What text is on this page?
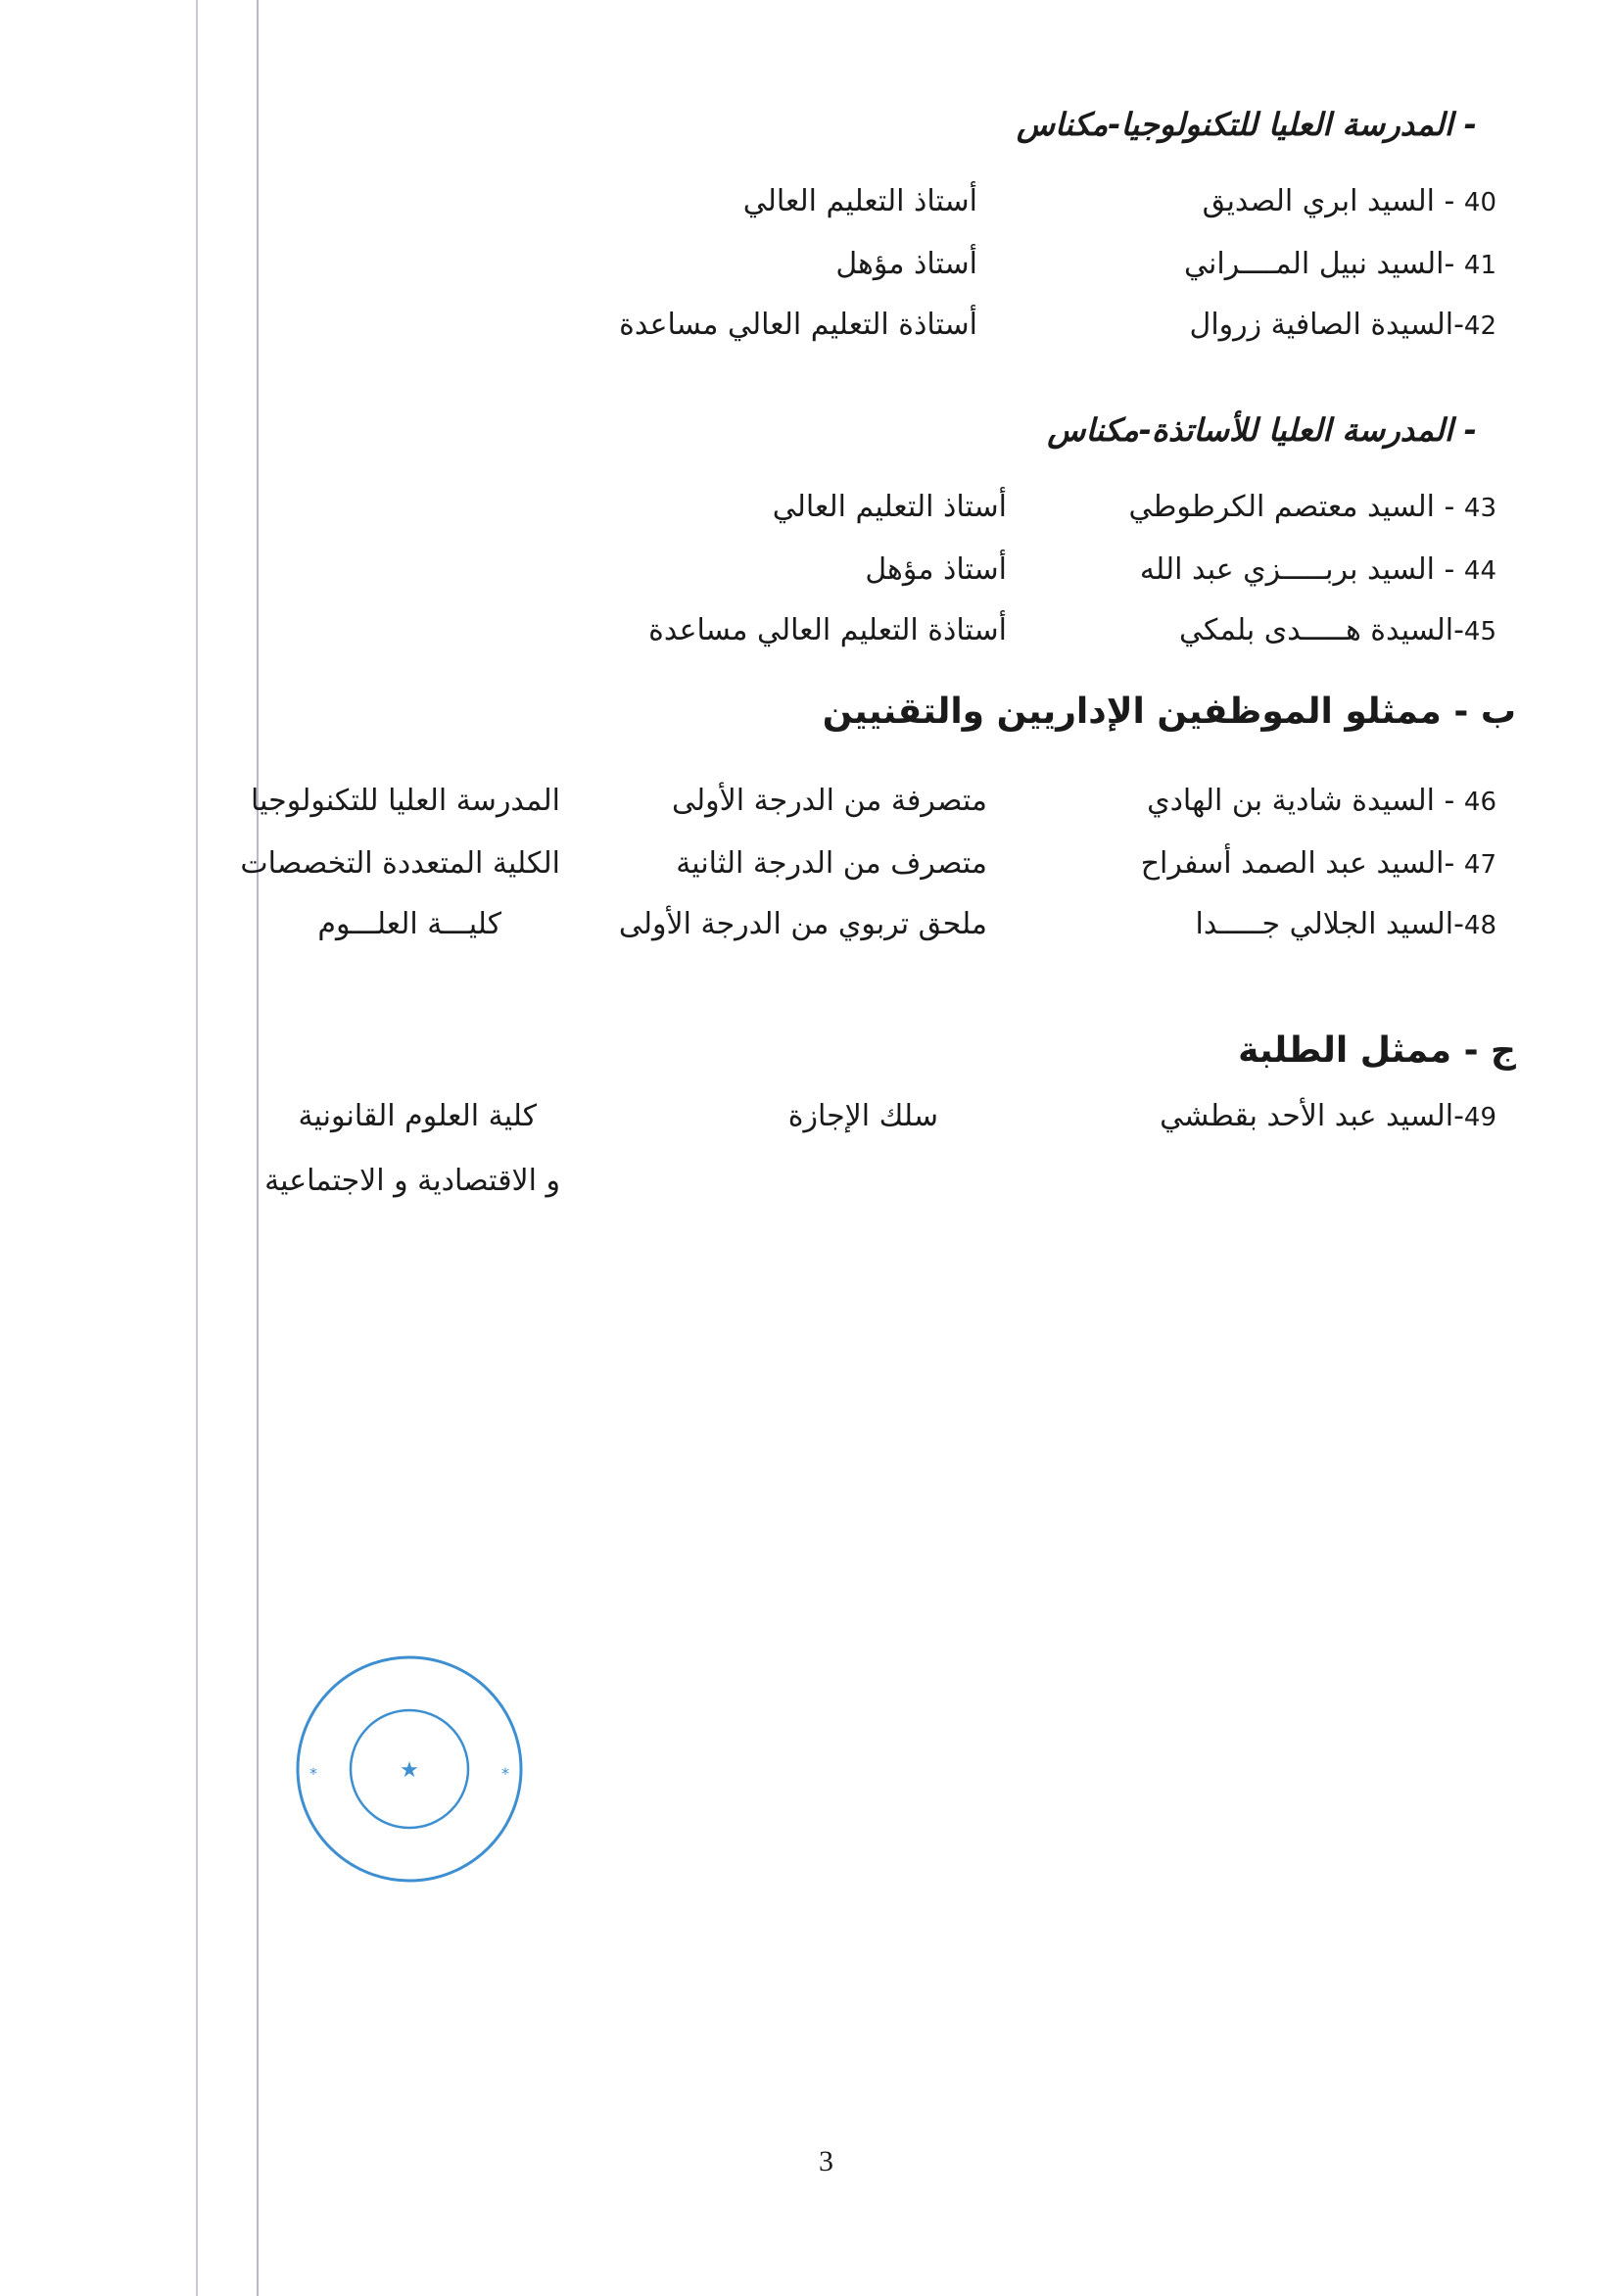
- المدرسة العليا للتكنولوجيا-مكناس
40 - السيد ابري الصديق
أستاذ التعليم العالي
41 -السيد نبيل المــــراني
أستاذ مؤهل
42-السيدة الصافية زروال
أستاذة التعليم العالي مساعدة
- المدرسة العليا للأساتذة-مكناس
43 - السيد معتصم الكرطوطي
أستاذ التعليم العالي
44 - السيد بربـــــزي عبد الله
أستاذ مؤهل
45-السيدة هـــــدى بلمكي
أستاذة التعليم العالي مساعدة
ب - ممثلو الموظفين الإداريين والتقنيين
46 - السيدة شادية بن الهادي
متصرفة من الدرجة الأولى
المدرسة العليا للتكنولوجيا
47 -السيد عبد الصمد أسفراح
متصرف من الدرجة الثانية
الكلية المتعددة التخصصات
48-السيد الجلالي جـــــدا
ملحق تربوي من الدرجة الأولى
كليـــة العلـــوم
ج - ممثل الطلبة
49-السيد عبد الأحد بقطشي
سلك الإجازة
كلية العلوم القانونية
و الاقتصادية و الاجتماعية
★
*	*
3
